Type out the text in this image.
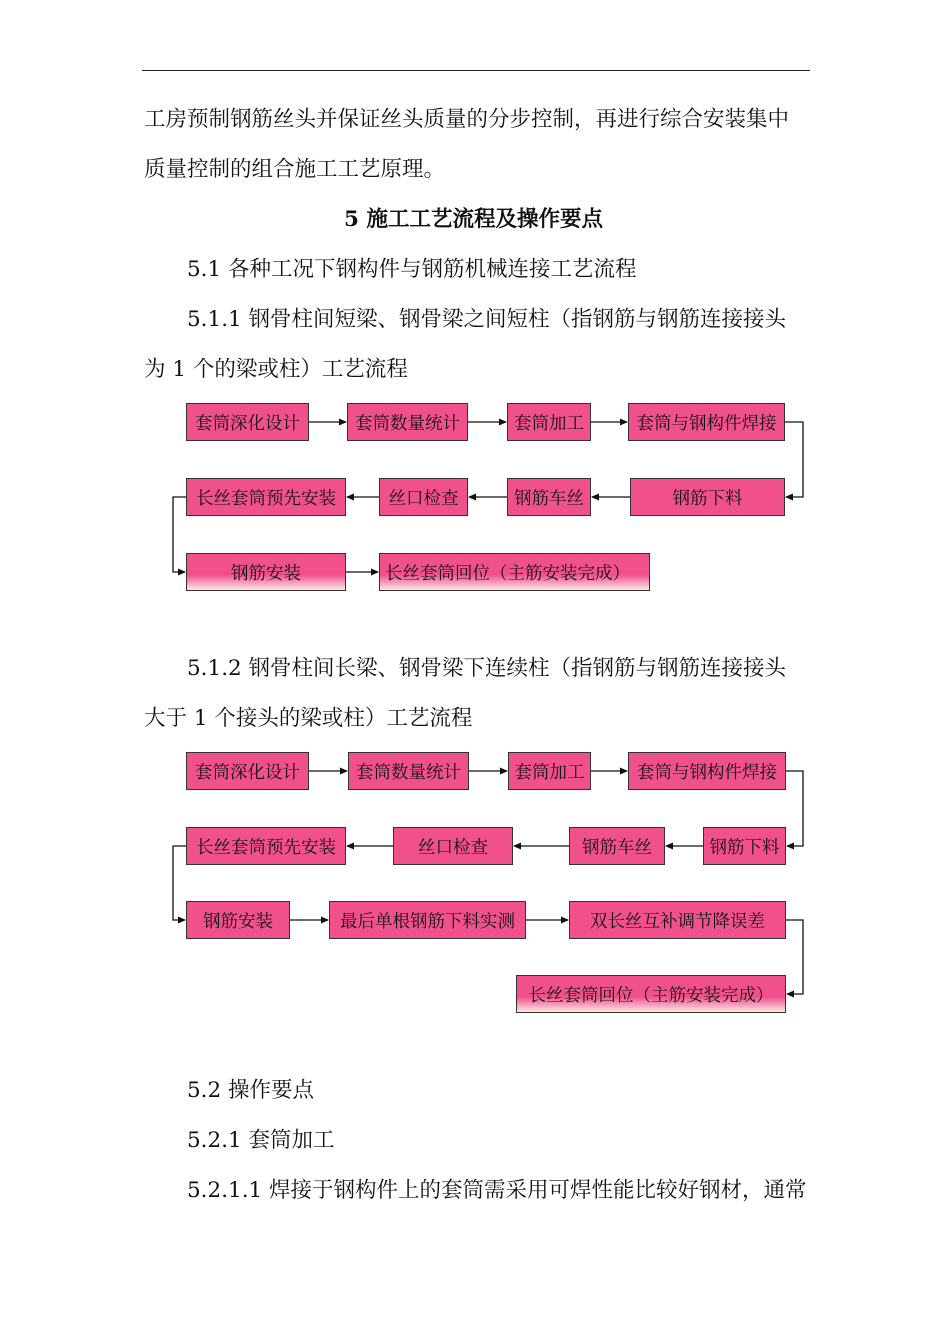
工房预制钢筋丝头并保证丝头质量的分步控制，再进行综合安装集中
质量控制的组合施工工艺原理。
5 施工工艺流程及操作要点
5.1 各种工况下钢构件与钢筋机械连接工艺流程
5.1.1 钢骨柱间短梁、钢骨梁之间短柱（指钢筋与钢筋连接接头
为 1 个的梁或柱）工艺流程
套筒深化设计	套筒数量统计	套筒加工	套筒与钢构件焊接
钢筋下料
钢筋车丝
丝口检查
长丝套筒预先安装
钢筋安装	长丝套筒回位（主筋安装完成）
5.1.2 钢骨柱间长梁、钢骨梁下连续柱（指钢筋与钢筋连接接头
大于 1 个接头的梁或柱）工艺流程
套筒深化设计	套筒数量统计	套筒加工	套筒与钢构件焊接
钢筋下料
钢筋车丝
丝口检查
长丝套筒预先安装
钢筋安装	最后单根钢筋下料实测	双长丝互补调节降误差
长丝套筒回位（主筋安装完成）
5.2 操作要点
5.2.1 套筒加工
5.2.1.1 焊接于钢构件上的套筒需采用可焊性能比较好钢材，通常
